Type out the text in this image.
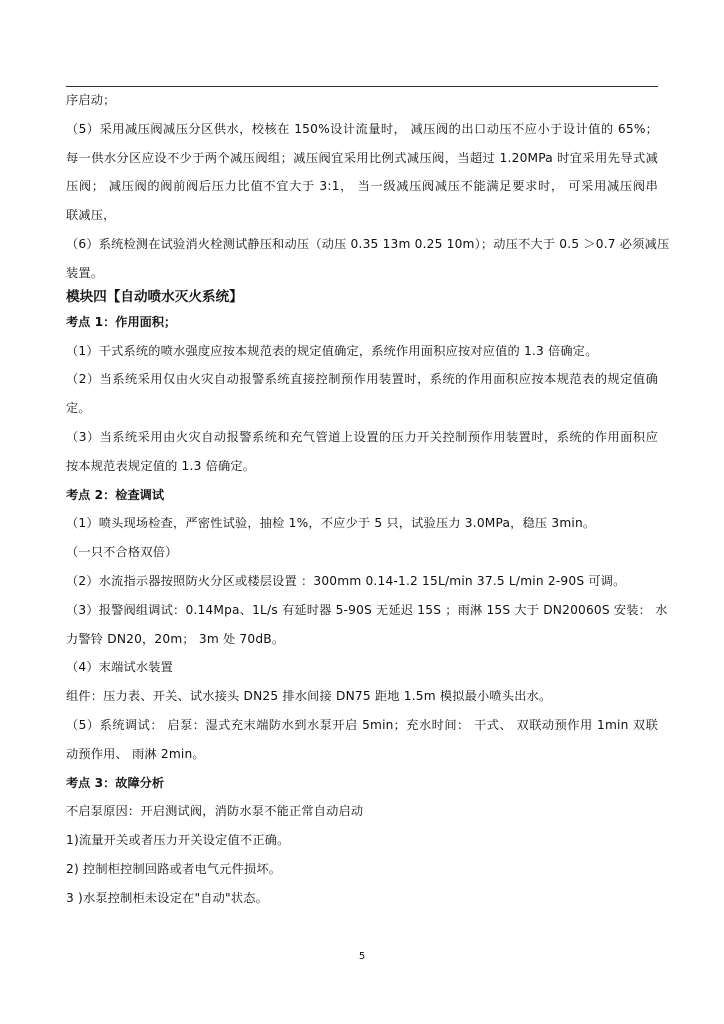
序启动；

（5）采用减压阀减压分区供水，校核在 150%设计流量时， 减压阀的出口动压不应小于设计值的 65%；

每一供水分区应设不少于两个减压阀组；减压阀宜采用比例式减压阀，当超过 1.20MPa 时宜采用先导式减

压阀； 减压阀的阀前阀后压力比值不宜大于 3:1， 当一级减压阀减压不能满足要求时， 可采用减压阀串

联减压，

（6）系统检测在试验消火栓测试静压和动压（动压 0.35 13m 0.25 10m）；动压不大于 0.5 ＞0.7 必须减压

装置。

模块四【自动喷水灭火系统】
考点 1：作用面积；

（1）干式系统的喷水强度应按本规范表的规定值确定，系统作用面积应按对应值的 1.3 倍确定。

（2）当系统采用仅由火灾自动报警系统直接控制预作用装置时，系统的作用面积应按本规范表的规定值确

定。

（3）当系统采用由火灾自动报警系统和充气管道上设置的压力开关控制预作用装置时，系统的作用面积应

按本规范表规定值的 1.3 倍确定。

考点 2：检查调试

（1）喷头现场检查，严密性试验，抽检 1%，不应少于 5 只，试验压力 3.0MPa，稳压 3min。

（一只不合格双倍）

（2）水流指示器按照防火分区或楼层设置 ：300mm 0.14-1.2 15L/min 37.5 L/min 2-90S 可调。

（3）报警阀组调试：0.14Mpa、1L/s 有延时器 5-90S 无延迟 15S ；雨淋 15S 大于 DN20060S 安装： 水

力警铃 DN20，20m； 3m 处 70dB。

（4）末端试水装置

组件：压力表、开关、试水接头 DN25 排水间接 DN75 距地 1.5m 模拟最小喷头出水。

（5）系统调试： 启泵：湿式充末端防水到水泵开启 5min；充水时间： 干式、 双联动预作用 1min 双联

动预作用、 雨淋 2min。

考点 3：故障分析

不启泵原因：开启测试阀，消防水泵不能正常自动启动

1)流量开关或者压力开关设定值不正确。

2) 控制柜控制回路或者电气元件损坏。

3 )水泵控制柜未设定在"自动"状态。

5
